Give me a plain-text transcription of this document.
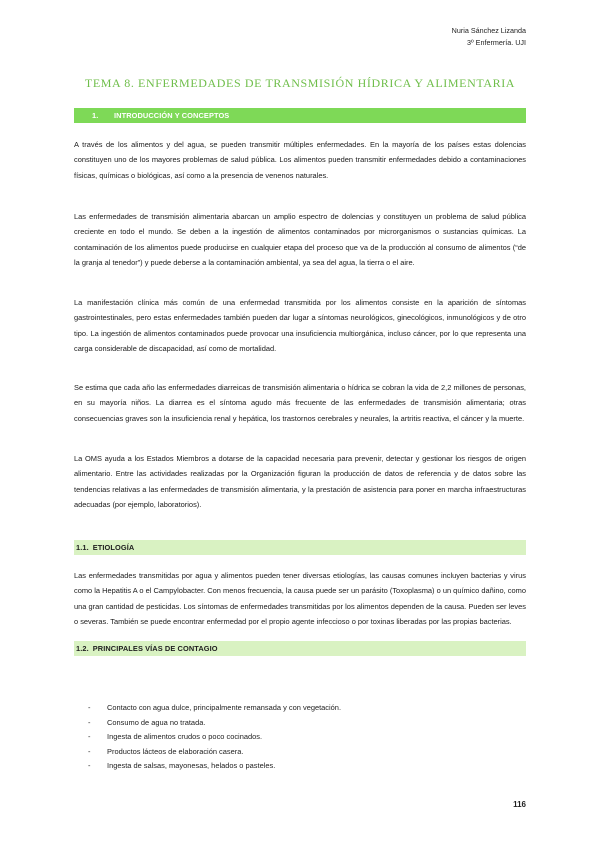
Nuria Sánchez Lizanda
3º Enfermería. UJI
TEMA 8. ENFERMEDADES DE TRANSMISIÓN HÍDRICA Y ALIMENTARIA
1.	INTRODUCCIÓN Y CONCEPTOS

A través de los alimentos y del agua, se pueden transmitir múltiples enfermedades. En la mayoría de los países estas dolencias constituyen uno de los mayores problemas de salud pública. Los alimentos pueden transmitir enfermedades debido a contaminaciones físicas, químicas o biológicas, así como a la presencia de venenos naturales.

Las enfermedades de transmisión alimentaria abarcan un amplio espectro de dolencias y constituyen un problema de salud pública creciente en todo el mundo. Se deben a la ingestión de alimentos contaminados por microrganismos o sustancias químicas. La contaminación de los alimentos puede producirse en cualquier etapa del proceso que va de la producción al consumo de alimentos (“de la granja al tenedor”) y puede deberse a la contaminación ambiental, ya sea del agua, la tierra o el aire.

La manifestación clínica más común de una enfermedad transmitida por los alimentos consiste en la aparición de síntomas gastrointestinales, pero estas enfermedades también pueden dar lugar a síntomas neurológicos, ginecológicos, inmunológicos y de otro tipo. La ingestión de alimentos contaminados puede provocar una insuficiencia multiorgánica, incluso cáncer, por lo que representa una carga considerable de discapacidad, así como de mortalidad.

Se estima que cada año las enfermedades diarreicas de transmisión alimentaria o hídrica se cobran la vida de 2,2 millones de personas, en su mayoría niños. La diarrea es el síntoma agudo más frecuente de las enfermedades de transmisión alimentaria; otras consecuencias graves son la insuficiencia renal y hepática, los trastornos cerebrales y neurales, la artritis reactiva, el cáncer y la muerte.

La OMS ayuda a los Estados Miembros a dotarse de la capacidad necesaria para prevenir, detectar y gestionar los riesgos de origen alimentario. Entre las actividades realizadas por la Organización figuran la producción de datos de referencia y de datos sobre las tendencias relativas a las enfermedades de transmisión alimentaria, y la prestación de asistencia para poner en marcha infraestructuras adecuadas (por ejemplo, laboratorios).

1.1. ETIOLOGÍA

Las enfermedades transmitidas por agua y alimentos pueden tener diversas etiologías, las causas comunes incluyen bacterias y virus como la Hepatitis A o el Campylobacter. Con menos frecuencia, la causa puede ser un parásito (Toxoplasma) o un químico dañino, como una gran cantidad de pesticidas. Los síntomas de enfermedades transmitidas por los alimentos dependen de la causa. Pueden ser leves o severas. También se puede encontrar enfermedad por el propio agente infeccioso o por toxinas liberadas por las propias bacterias.

1.2. PRINCIPALES VÍAS DE CONTAGIO
-	Contacto con agua dulce, principalmente remansada y con vegetación.
-	Consumo de agua no tratada.
-	Ingesta de alimentos crudos o poco cocinados.
-	Productos lácteos de elaboración casera.
-	Ingesta de salsas, mayonesas, helados o pasteles.
116
